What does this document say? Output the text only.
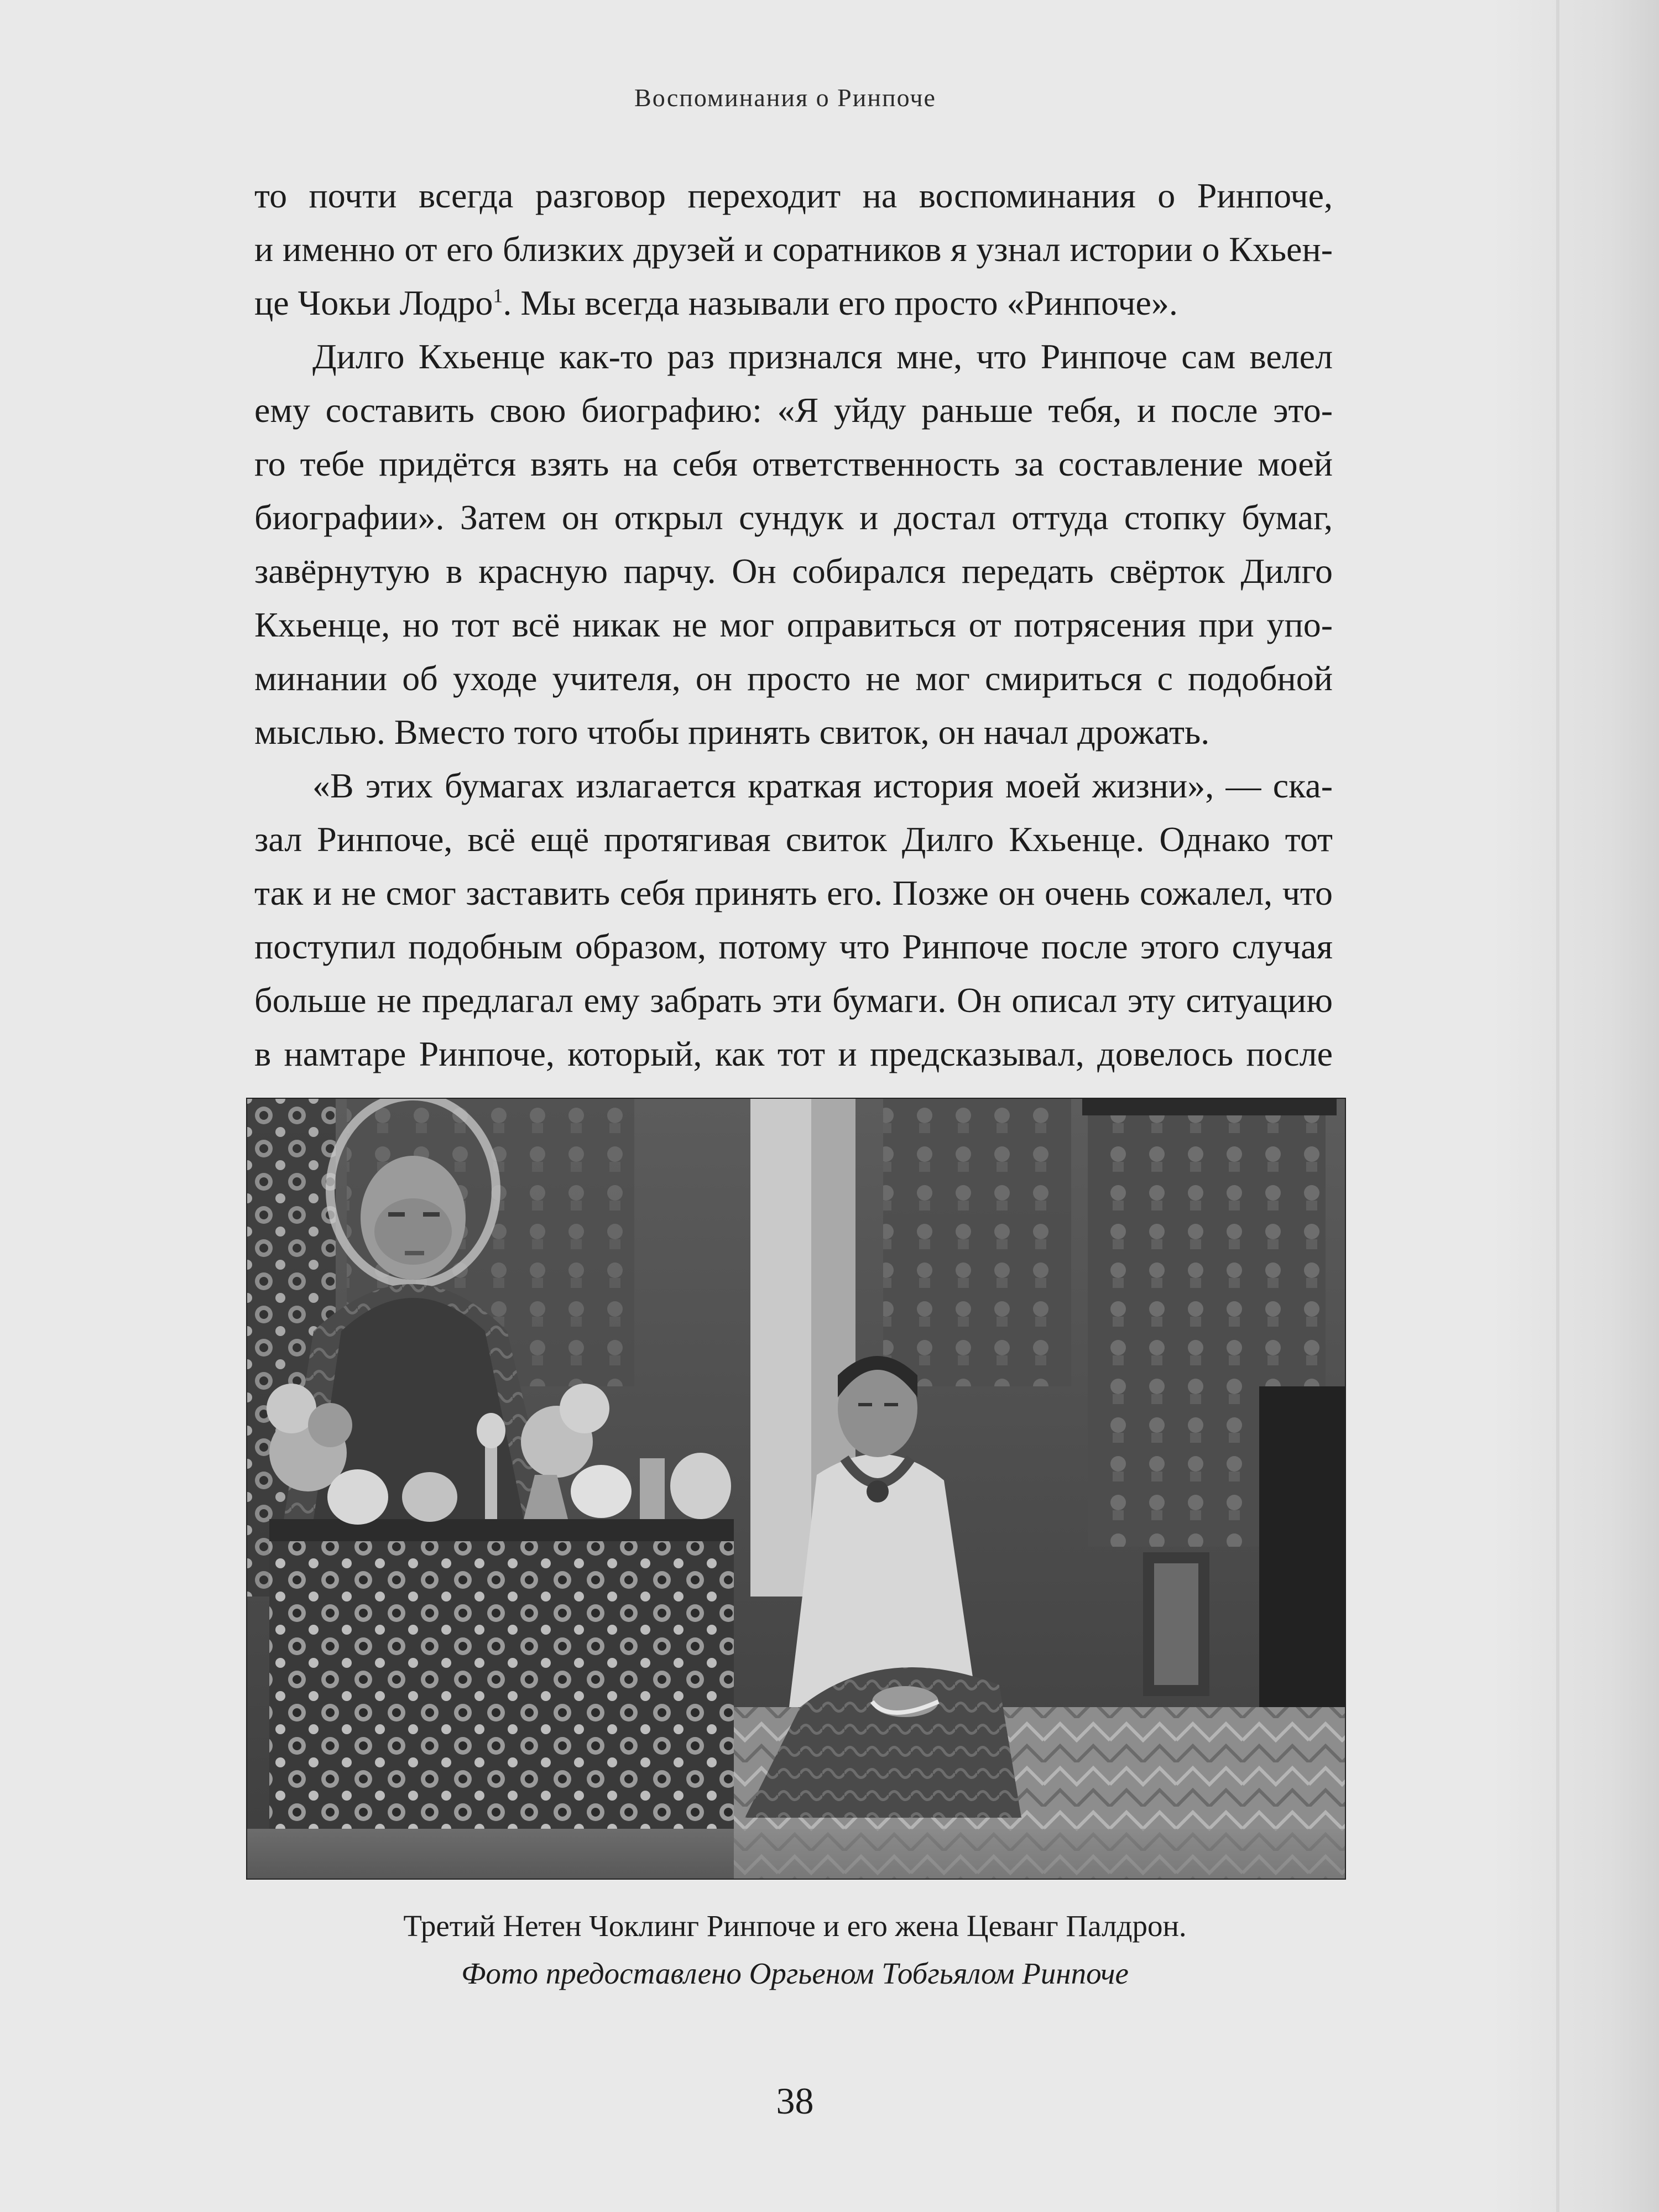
Воспоминания о Ринпоче
то почти всегда разговор переходит на воспоминания о Ринпоче,
и именно от его близких друзей и соратников я узнал истории о Кхьен-
це Чокьи Лодро$^1$. Мы всегда называли его просто «Ринпоче».
Дилго Кхьенце как-то раз признался мне, что Ринпоче сам велел
ему составить свою биографию: «Я уйду раньше тебя, и после это-
го тебе придётся взять на себя ответственность за составление моей
биографии». Затем он открыл сундук и достал оттуда стопку бумаг,
завёрнутую в красную парчу. Он собирался передать свёрток Дилго
Кхьенце, но тот всё никак не мог оправиться от потрясения при упо-
минании об уходе учителя, он просто не мог смириться с подобной
мыслью. Вместо того чтобы принять свиток, он начал дрожать.
«В этих бумагах излагается краткая история моей жизни», — ска-
зал Ринпоче, всё ещё протягивая свиток Дилго Кхьенце. Однако тот
так и не смог заставить себя принять его. Позже он очень сожалел, что
поступил подобным образом, потому что Ринпоче после этого случая
больше не предлагал ему забрать эти бумаги. Он описал эту ситуацию
в намтаре Ринпоче, который, как тот и предсказывал, довелось после
Третий Нетен Чоклинг Ринпоче и его жена Цеванг Палдрон.
Фото предоставлено Оргьеном Тобгьялом Ринпоче
38
